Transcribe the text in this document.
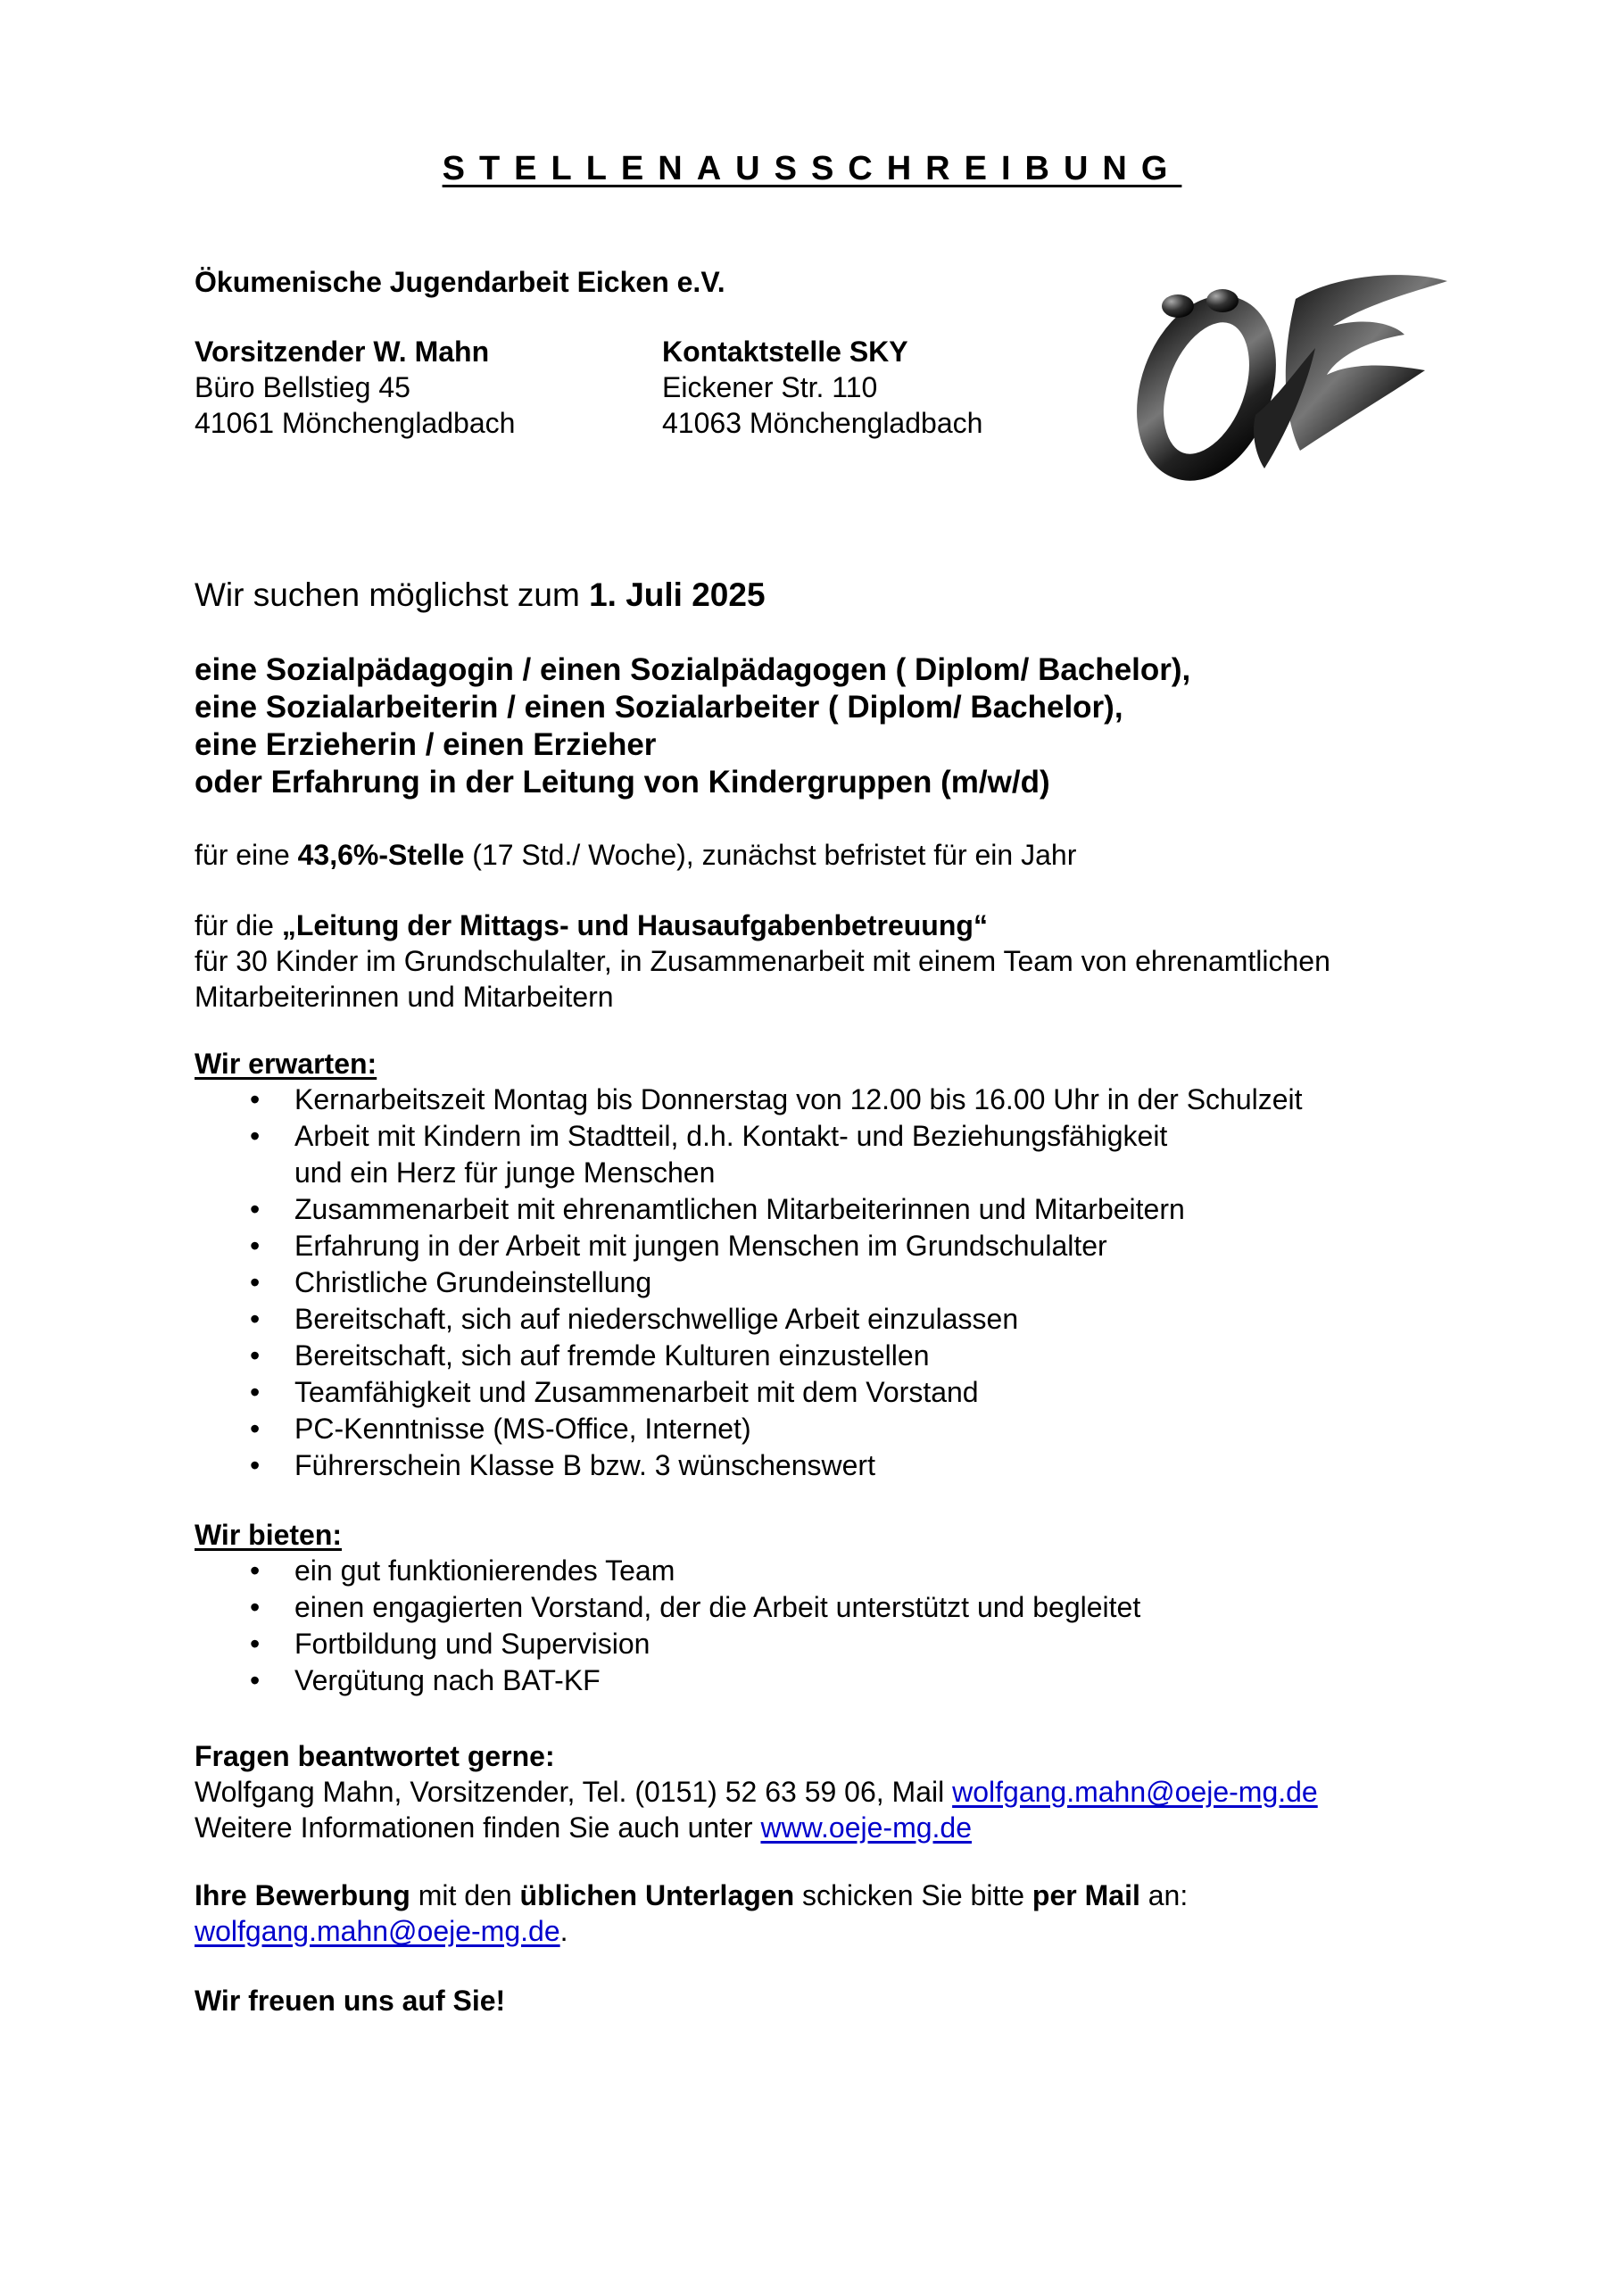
STELLENAUSSCHREIBUNG
Ökumenische Jugendarbeit Eicken e.V.
Vorsitzender W. Mahn
Büro Bellstieg 45
41061 Mönchengladbach
Kontaktstelle SKY
Eickener Str. 110
41063 Mönchengladbach
Wir suchen möglichst zum 1. Juli 2025
eine Sozialpädagogin / einen Sozialpädagogen ( Diplom/ Bachelor),
eine Sozialarbeiterin / einen Sozialarbeiter ( Diplom/ Bachelor),
eine Erzieherin / einen Erzieher
oder Erfahrung in der Leitung von Kindergruppen (m/w/d)
für eine 43,6%-Stelle (17 Std./ Woche), zunächst befristet für ein Jahr
für die „Leitung der Mittags- und Hausaufgabenbetreuung“
für 30 Kinder im Grundschulalter, in Zusammenarbeit mit einem Team von ehrenamtlichen
Mitarbeiterinnen und Mitarbeitern
Wir erwarten:
• Kernarbeitszeit Montag bis Donnerstag von 12.00 bis 16.00 Uhr in der Schulzeit
• Arbeit mit Kindern im Stadtteil, d.h. Kontakt- und Beziehungsfähigkeit
und ein Herz für junge Menschen
• Zusammenarbeit mit ehrenamtlichen Mitarbeiterinnen und Mitarbeitern
• Erfahrung in der Arbeit mit jungen Menschen im Grundschulalter
• Christliche Grundeinstellung
• Bereitschaft, sich auf niederschwellige Arbeit einzulassen
• Bereitschaft, sich auf fremde Kulturen einzustellen
• Teamfähigkeit und Zusammenarbeit mit dem Vorstand
• PC-Kenntnisse (MS-Office, Internet)
• Führerschein Klasse B bzw. 3 wünschenswert
Wir bieten:
• ein gut funktionierendes Team
• einen engagierten Vorstand, der die Arbeit unterstützt und begleitet
• Fortbildung und Supervision
• Vergütung nach BAT-KF
Fragen beantwortet gerne:
Wolfgang Mahn, Vorsitzender, Tel. (0151) 52 63 59 06, Mail wolfgang.mahn@oeje-mg.de
Weitere Informationen finden Sie auch unter www.oeje-mg.de
Ihre Bewerbung mit den üblichen Unterlagen schicken Sie bitte per Mail an:
wolfgang.mahn@oeje-mg.de.
Wir freuen uns auf Sie!
